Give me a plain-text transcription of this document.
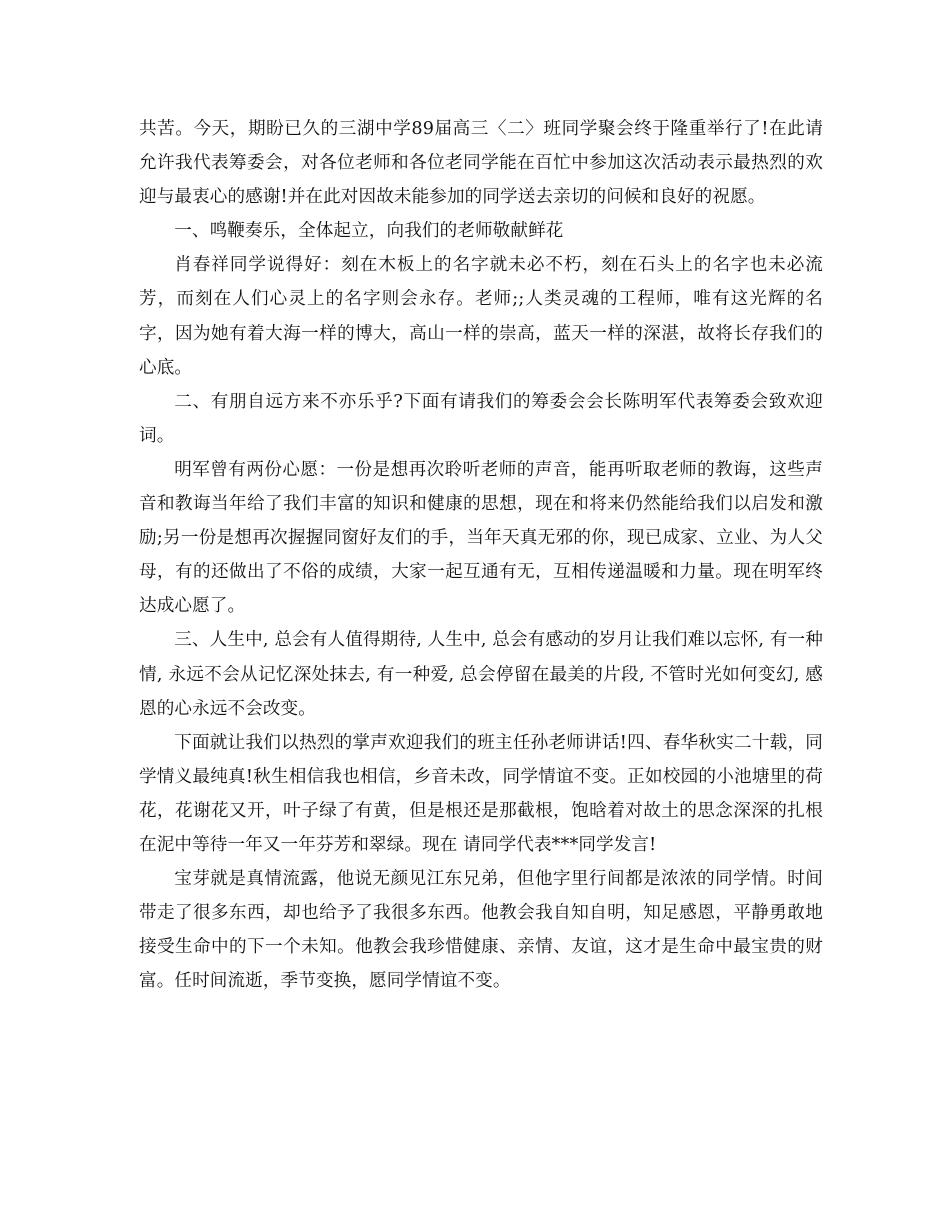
共苦。今天，期盼已久的三湖中学89届高三〈二〉班同学聚会终于隆重举行了!在此请允许我代表筹委会，对各位老师和各位老同学能在百忙中参加这次活动表示最热烈的欢迎与最衷心的感谢!并在此对因故未能参加的同学送去亲切的问候和良好的祝愿。

一、鸣鞭奏乐，全体起立，向我们的老师敬献鲜花

肖春祥同学说得好：刻在木板上的名字就未必不朽，刻在石头上的名字也未必流芳，而刻在人们心灵上的名字则会永存。老师;;人类灵魂的工程师，唯有这光辉的名字，因为她有着大海一样的博大，高山一样的崇高，蓝天一样的深湛，故将长存我们的心底。

二、有朋自远方来不亦乐乎?下面有请我们的筹委会会长陈明军代表筹委会致欢迎词。

明军曾有两份心愿：一份是想再次聆听老师的声音，能再听取老师的教诲，这些声音和教诲当年给了我们丰富的知识和健康的思想，现在和将来仍然能给我们以启发和激励;另一份是想再次握握同窗好友们的手，当年天真无邪的你，现已成家、立业、为人父母，有的还做出了不俗的成绩，大家一起互通有无，互相传递温暖和力量。现在明军终达成心愿了。

三、人生中, 总会有人值得期待, 人生中, 总会有感动的岁月让我们难以忘怀, 有一种情, 永远不会从记忆深处抹去, 有一种爱, 总会停留在最美的片段, 不管时光如何变幻, 感恩的心永远不会改变。

下面就让我们以热烈的掌声欢迎我们的班主任孙老师讲话!四、春华秋实二十载，同学情义最纯真!秋生相信我也相信，乡音未改，同学情谊不变。正如校园的小池塘里的荷花，花谢花又开，叶子绿了有黄，但是根还是那截根，饱晗着对故土的思念深深的扎根在泥中等待一年又一年芬芳和翠绿。现在 请同学代表***同学发言!

宝芽就是真情流露，他说无颜见江东兄弟，但他字里行间都是浓浓的同学情。时间带走了很多东西，却也给予了我很多东西。他教会我自知自明，知足感恩，平静勇敢地接受生命中的下一个未知。他教会我珍惜健康、亲情、友谊，这才是生命中最宝贵的财富。任时间流逝，季节变换，愿同学情谊不变。
